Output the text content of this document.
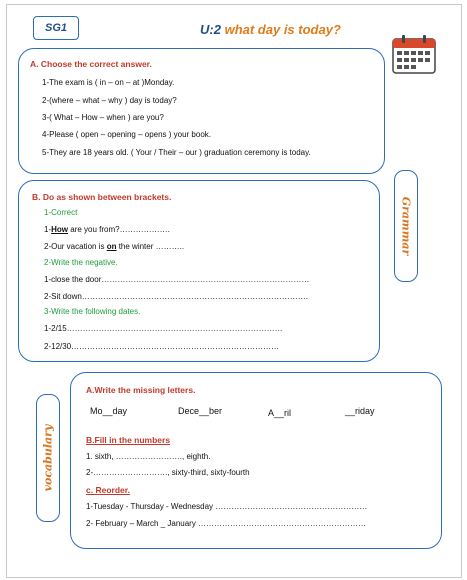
SG1	U:2 what day is today?
A. Choose the correct answer.
1-The exam is ( in – on – at )Monday.
2-(where – what – why ) day is today?
3-( What – How – when ) are you?
4-Please ( open – opening – opens ) your book.
5-They are 18 years old. ( Your / Their – our ) graduation ceremony is today.
Grammar
B. Do as shown between brackets.
1-Correct
1-How are you from?……………….
2-Our vacation is on the winter ………..
2-Write the negative.
1-close the door……………………………………………………………………
2-Sit down………………………………………………………………………….
3-Write the following dates.
1-2/15………………………………………………………………………
2-12/30……………………………………………………………………
vocabulary
A.Write the missing letters.
Mo__day	Dece__ber	A__ril	__riday
B.Fill in the numbers
1. sixth, ……………………., eighth.
2-………………………., sixty-third, sixty-fourth
c. Reorder.
1-Tuesday - Thursday - Wednesday …………………………………………………
2- February – March _ January ………………………………………………………
